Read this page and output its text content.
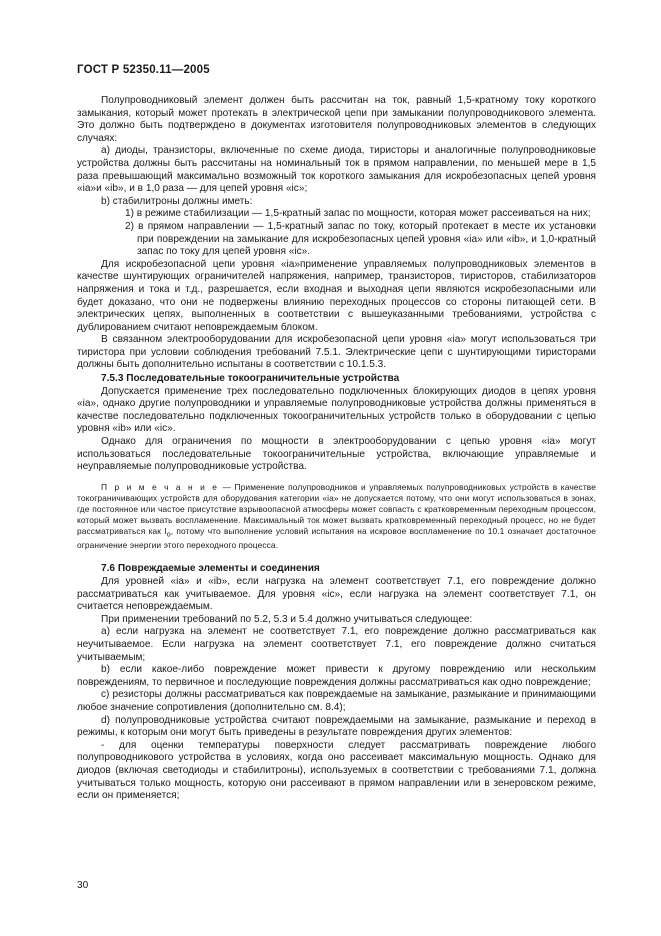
ГОСТ Р 52350.11—2005

Полупроводниковый элемент должен быть рассчитан на ток, равный 1,5-кратному току короткого замыкания, который может протекать в электрической цепи при замыкании полупроводникового элемента. Это должно быть подтверждено в документах изготовителя полупроводниковых элементов в следующих случаях:

а) диоды, транзисторы, включенные по схеме диода, тиристоры и аналогичные полупроводниковые устройства должны быть рассчитаны на номинальный ток в прямом направлении, по меньшей мере в 1,5 раза превышающий максимально возможный ток короткого замыкания для искробезопасных цепей уровня «ia»и «ib», и в 1,0 раза — для цепей уровня «ic»;

b) стабилитроны должны иметь:

1) в режиме стабилизации — 1,5-кратный запас по мощности, которая может рассеиваться на них;

2) в прямом направлении — 1,5-кратный запас по току, который протекает в месте их установки при повреждении на замыкание для искробезопасных цепей уровня «ia» или «ib», и 1,0-кратный запас по току для цепей уровня «ic».

Для искробезопасной цепи уровня «ia»применение управляемых полупроводниковых элементов в качестве шунтирующих ограничителей напряжения, например, транзисторов, тиристоров, стабилизаторов напряжения и тока и т.д., разрешается, если входная и выходная цепи являются искробезопасными или будет доказано, что они не подвержены влиянию переходных процессов со стороны питающей сети. В электрических цепях, выполненных в соответствии с вышеуказанными требованиями, устройства с дублированием считают неповреждаемым блоком.

В связанном электрооборудовании для искробезопасной цепи уровня «ia» могут использоваться три тиристора при условии соблюдения требований 7.5.1. Электрические цепи с шунтирующими тиристорами должны быть дополнительно испытаны в соответствии с 10.1.5.3.

7.5.3 Последовательные токоограничительные устройства

Допускается применение трех последовательно подключенных блокирующих диодов в цепях уровня «ia», однако другие полупроводники и управляемые полупроводниковые устройства должны применяться в качестве последовательно подключенных токоограничительных устройств только в оборудовании с цепью уровня «ib» или «ic».

Однако для ограничения по мощности в электрооборудовании с цепью уровня «ia» могут использоваться последовательные токоограничительные устройства, включающие управляемые и неуправляемые полупроводниковые устройства.

П р и м е ч а н и е — Применение полупроводников и управляемых полупроводниковых устройств в качестве токограничивающих устройств для оборудования категории «ia» не допускается потому, что они могут использоваться в зонах, где постоянное или частое присутствие взрывоопасной атмосферы может совпасть с кратковременным переходным процессом, который может вызвать воспламенение. Максимальный ток может вызвать кратковременный переходный процесс, но не будет рассматриваться как $I_o$, потому что выполнение условий испытания на искровое воспламенение по 10.1 означает достаточное ограничение энергии этого переходного процесса.

7.6 Повреждаемые элементы и соединения

Для уровней «ia» и «ib», если нагрузка на элемент соответствует 7.1, его повреждение должно рассматриваться как учитываемое. Для уровня «ic», если нагрузка на элемент соответствует 7.1, он считается неповреждаемым.

При применении требований по 5.2, 5.3 и 5.4 должно учитываться следующее:

а) если нагрузка на элемент не соответствует 7.1, его повреждение должно рассматриваться как неучитываемое. Если нагрузка на элемент соответствует 7.1, его повреждение должно считаться учитываемым;

b) если какое-либо повреждение может привести к другому повреждению или нескольким повреждениям, то первичное и последующие повреждения должны рассматриваться как одно повреждение;

с) резисторы должны рассматриваться как повреждаемые на замыкание, размыкание и принимающими любое значение сопротивления (дополнительно см. 8.4);

d) полупроводниковые устройства считают повреждаемыми на замыкание, размыкание и переход в режимы, к которым они могут быть приведены в результате повреждения других элементов:

- для оценки температуры поверхности следует рассматривать повреждение любого полупроводникового устройства в условиях, когда оно рассеивает максимальную мощность. Однако для диодов (включая светодиоды и стабилитроны), используемых в соответствии с требованиями 7.1, должна учитываться только мощность, которую они рассеивают в прямом направлении или в зенеровском режиме, если он применяется;

30
